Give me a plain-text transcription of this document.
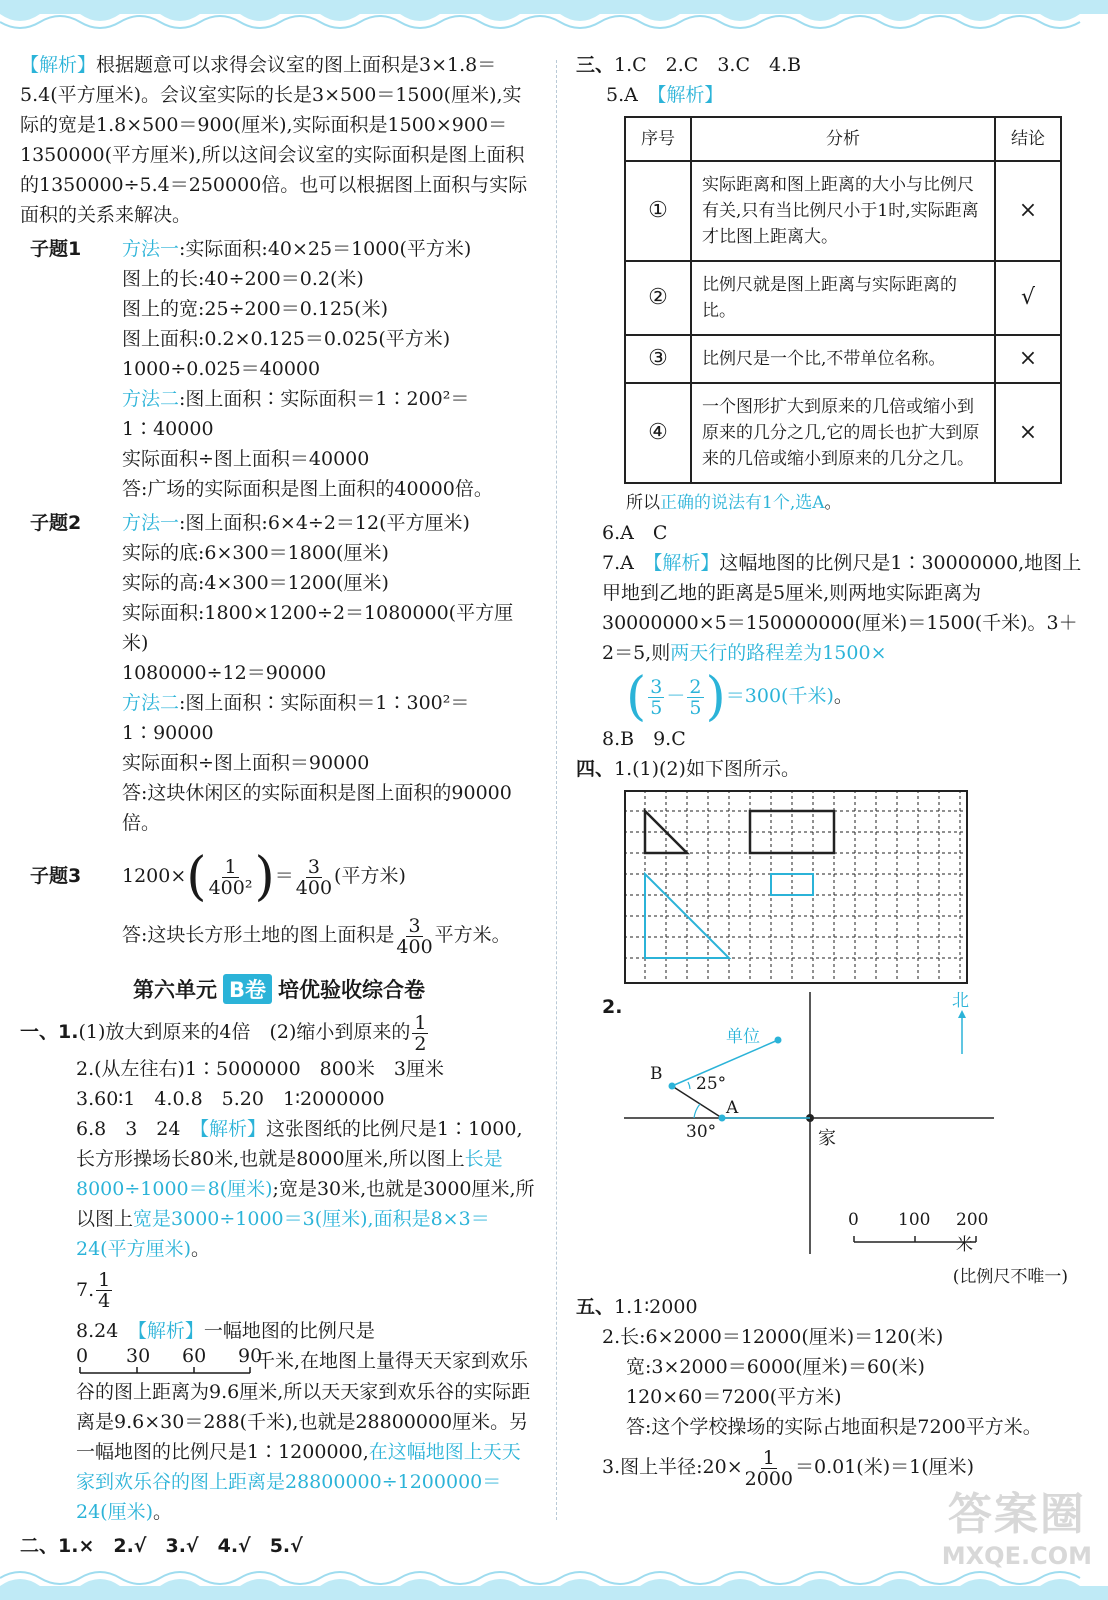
【解析】根据题意可以求得会议室的图上面积是3×1.8＝5.4(平方厘米)。会议室实际的长是3×500＝1500(厘米),实际的宽是1.8×500＝900(厘米),实际面积是1500×900＝1350000(平方厘米),所以这间会议室的实际面积是图上面积的1350000÷5.4＝250000倍。也可以根据图上面积与实际面积的关系来解决。

子题1	方法一:实际面积:40×25＝1000(平方米)

图上的长:40÷200＝0.2(米)

图上的宽:25÷200＝0.125(米)

图上面积:0.2×0.125＝0.025(平方米)

1000÷0.025＝40000

方法二:图上面积∶实际面积＝1∶200²＝1∶40000

实际面积÷图上面积＝40000

答:广场的实际面积是图上面积的40000倍。

子题2	方法一:图上面积:6×4÷2＝12(平方厘米)

实际的底:6×300＝1800(厘米)

实际的高:4×300＝1200(厘米)

实际面积:1800×1200÷2＝1080000(平方厘米)

1080000÷12＝90000

方法二:图上面积∶实际面积＝1∶300²＝1∶90000

实际面积÷图上面积＝90000

答:这块休闲区的实际面积是图上面积的90000倍。

子题3	$1200\times( \frac{1}{\text{400²}}$ )＝ $\frac{3}{400}$ (平方米)
答:这块长方形土地的图上面积是 $\frac{3}{400}$ 平方米。
第六单元 B卷 培优验收综合卷
一、 1. (1)放大到原来的4倍　(2)缩小到原来的 $\frac{1}{2}$

2.(从左往右)1∶5000000　800米　3厘米

3.60∶1　4.0.8　5.20　1∶2000000

6.8　3　24　【解析】这张图纸的比例尺是1∶1000,长方形操场长80米,也就是8000厘米,所以图上长是8000÷1000＝8(厘米);宽是30米,也就是3000厘米,所以图上宽是3000÷1000＝3(厘米),面积是8×3＝24(平方厘米)。

7. $\frac{1}{4}$

8.24　【解析】一幅地图的比例尺是

0 30 60 90
千米,在地图上量得天天家到欢乐谷的图上距离为9.6厘米,所以天天家到欢乐谷的实际距离是9.6×30＝288(千米),也就是28800000厘米。另一幅地图的比例尺是1∶1200000,在这幅地图上天天家到欢乐谷的图上距离是28800000÷1200000＝24(厘米)。
二、 1.×　2.√　3.√　4.√　5.√
三、 1.C　2.C　3.C　4.B

5.A　【解析】

序号	分析	结论
①	实际距离和图上距离的大小与比例尺有关,只有当比例尺小于1时,实际距离才比图上距离大。	×
②	比例尺就是图上距离与实际距离的比。	√
③	比例尺是一个比,不带单位名称。	×
④	一个图形扩大到原来的几倍或缩小到原来的几分之几,它的周长也扩大到原来的几倍或缩小到原来的几分之几。	×

所以正确的说法有1个,选A。

6.A　C

7.A　【解析】这幅地图的比例尺是1∶30000000,地图上甲地到乙地的距离是5厘米,则两地实际距离为30000000×5＝150000000(厘米)＝1500(千米)。3＋2＝5,则两天行的路程差为1500×

( $\frac{3}{5} - \frac{2}{5} )=300$(千米)。

8.B　9.C

四、 1.(1)(2)如下图所示。
2.	北
单位
B
A
25°
30°	家
0 100 200米

(比例尺不唯一)

五、 1.1∶2000

2.长:6×2000＝12000(厘米)＝120(米)

宽:3×2000＝6000(厘米)＝60(米)

120×60＝7200(平方米)

答:这个学校操场的实际占地面积是7200平方米。

3.图上半径:20× $\frac{1}{2000} =0.01$(米)＝1(厘米)
答案圈
MXQE.COM
